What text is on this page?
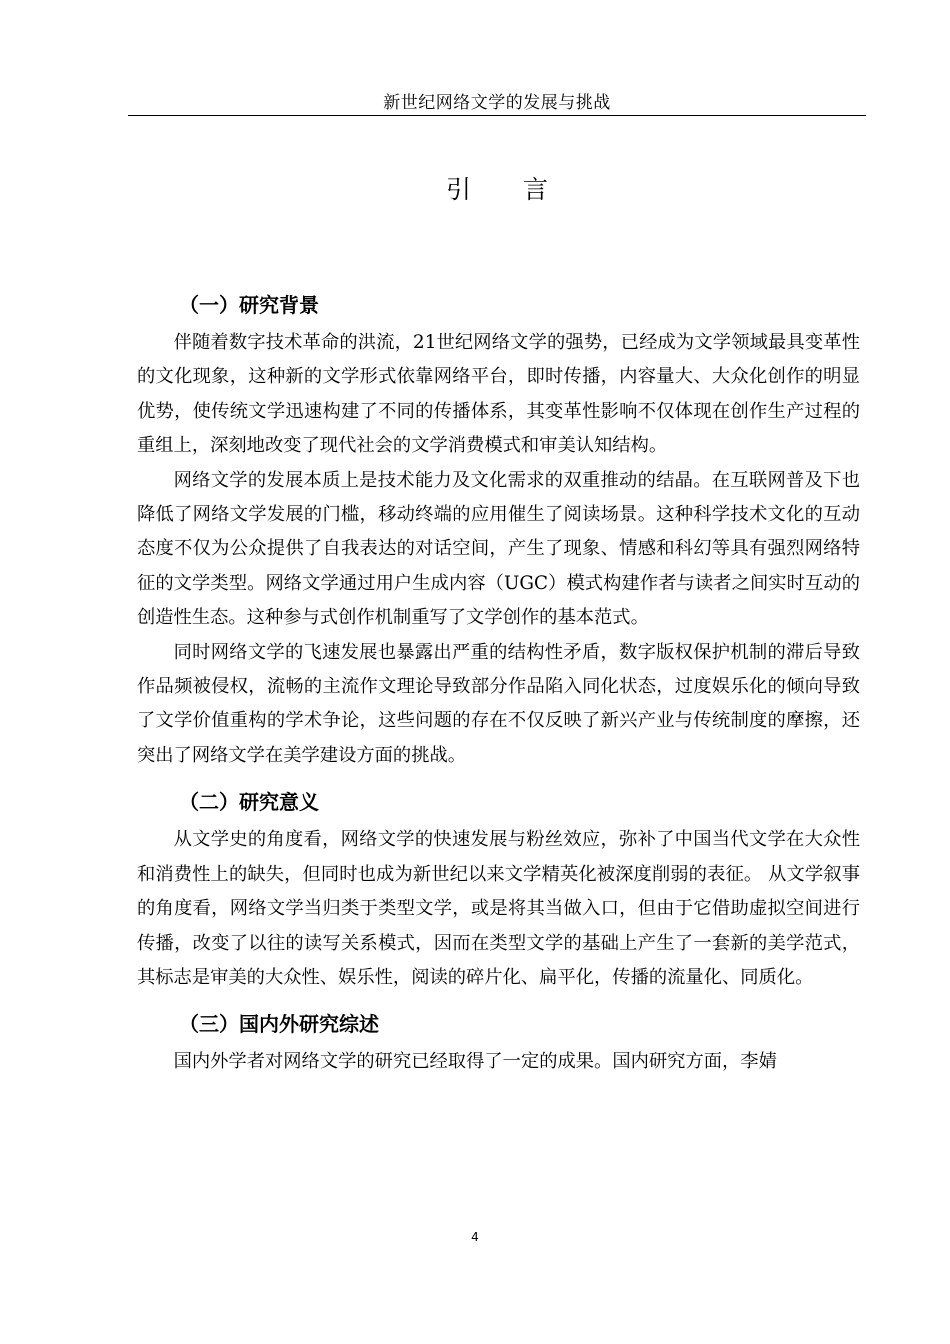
新世纪网络文学的发展与挑战
引 言
（一）研究背景

伴随着数字技术革命的洪流，21世纪网络文学的强势，已经成为文学领域最具变革性的文化现象，这种新的文学形式依靠网络平台，即时传播，内容量大、大众化创作的明显优势，使传统文学迅速构建了不同的传播体系，其变革性影响不仅体现在创作生产过程的重组上，深刻地改变了现代社会的文学消费模式和审美认知结构。

网络文学的发展本质上是技术能力及文化需求的双重推动的结晶。在互联网普及下也降低了网络文学发展的门槛，移动终端的应用催生了阅读场景。这种科学技术文化的互动态度不仅为公众提供了自我表达的对话空间，产生了现象、情感和科幻等具有强烈网络特征的文学类型。网络文学通过用户生成内容（UGC）模式构建作者与读者之间实时互动的创造性生态。这种参与式创作机制重写了文学创作的基本范式。

同时网络文学的飞速发展也暴露出严重的结构性矛盾，数字版权保护机制的滞后导致作品频被侵权，流畅的主流作文理论导致部分作品陷入同化状态，过度娱乐化的倾向导致了文学价值重构的学术争论，这些问题的存在不仅反映了新兴产业与传统制度的摩擦，还突出了网络文学在美学建设方面的挑战。

（二）研究意义

从文学史的角度看，网络文学的快速发展与粉丝效应，弥补了中国当代文学在大众性和消费性上的缺失，但同时也成为新世纪以来文学精英化被深度削弱的表征。 从文学叙事的角度看，网络文学当归类于类型文学，或是将其当做入口，但由于它借助虚拟空间进行传播，改变了以往的读写关系模式，因而在类型文学的基础上产生了一套新的美学范式，其标志是审美的大众性、娱乐性，阅读的碎片化、扁平化，传播的流量化、同质化。

（三）国内外研究综述

国内外学者对网络文学的研究已经取得了一定的成果。国内研究方面，李婧

4
